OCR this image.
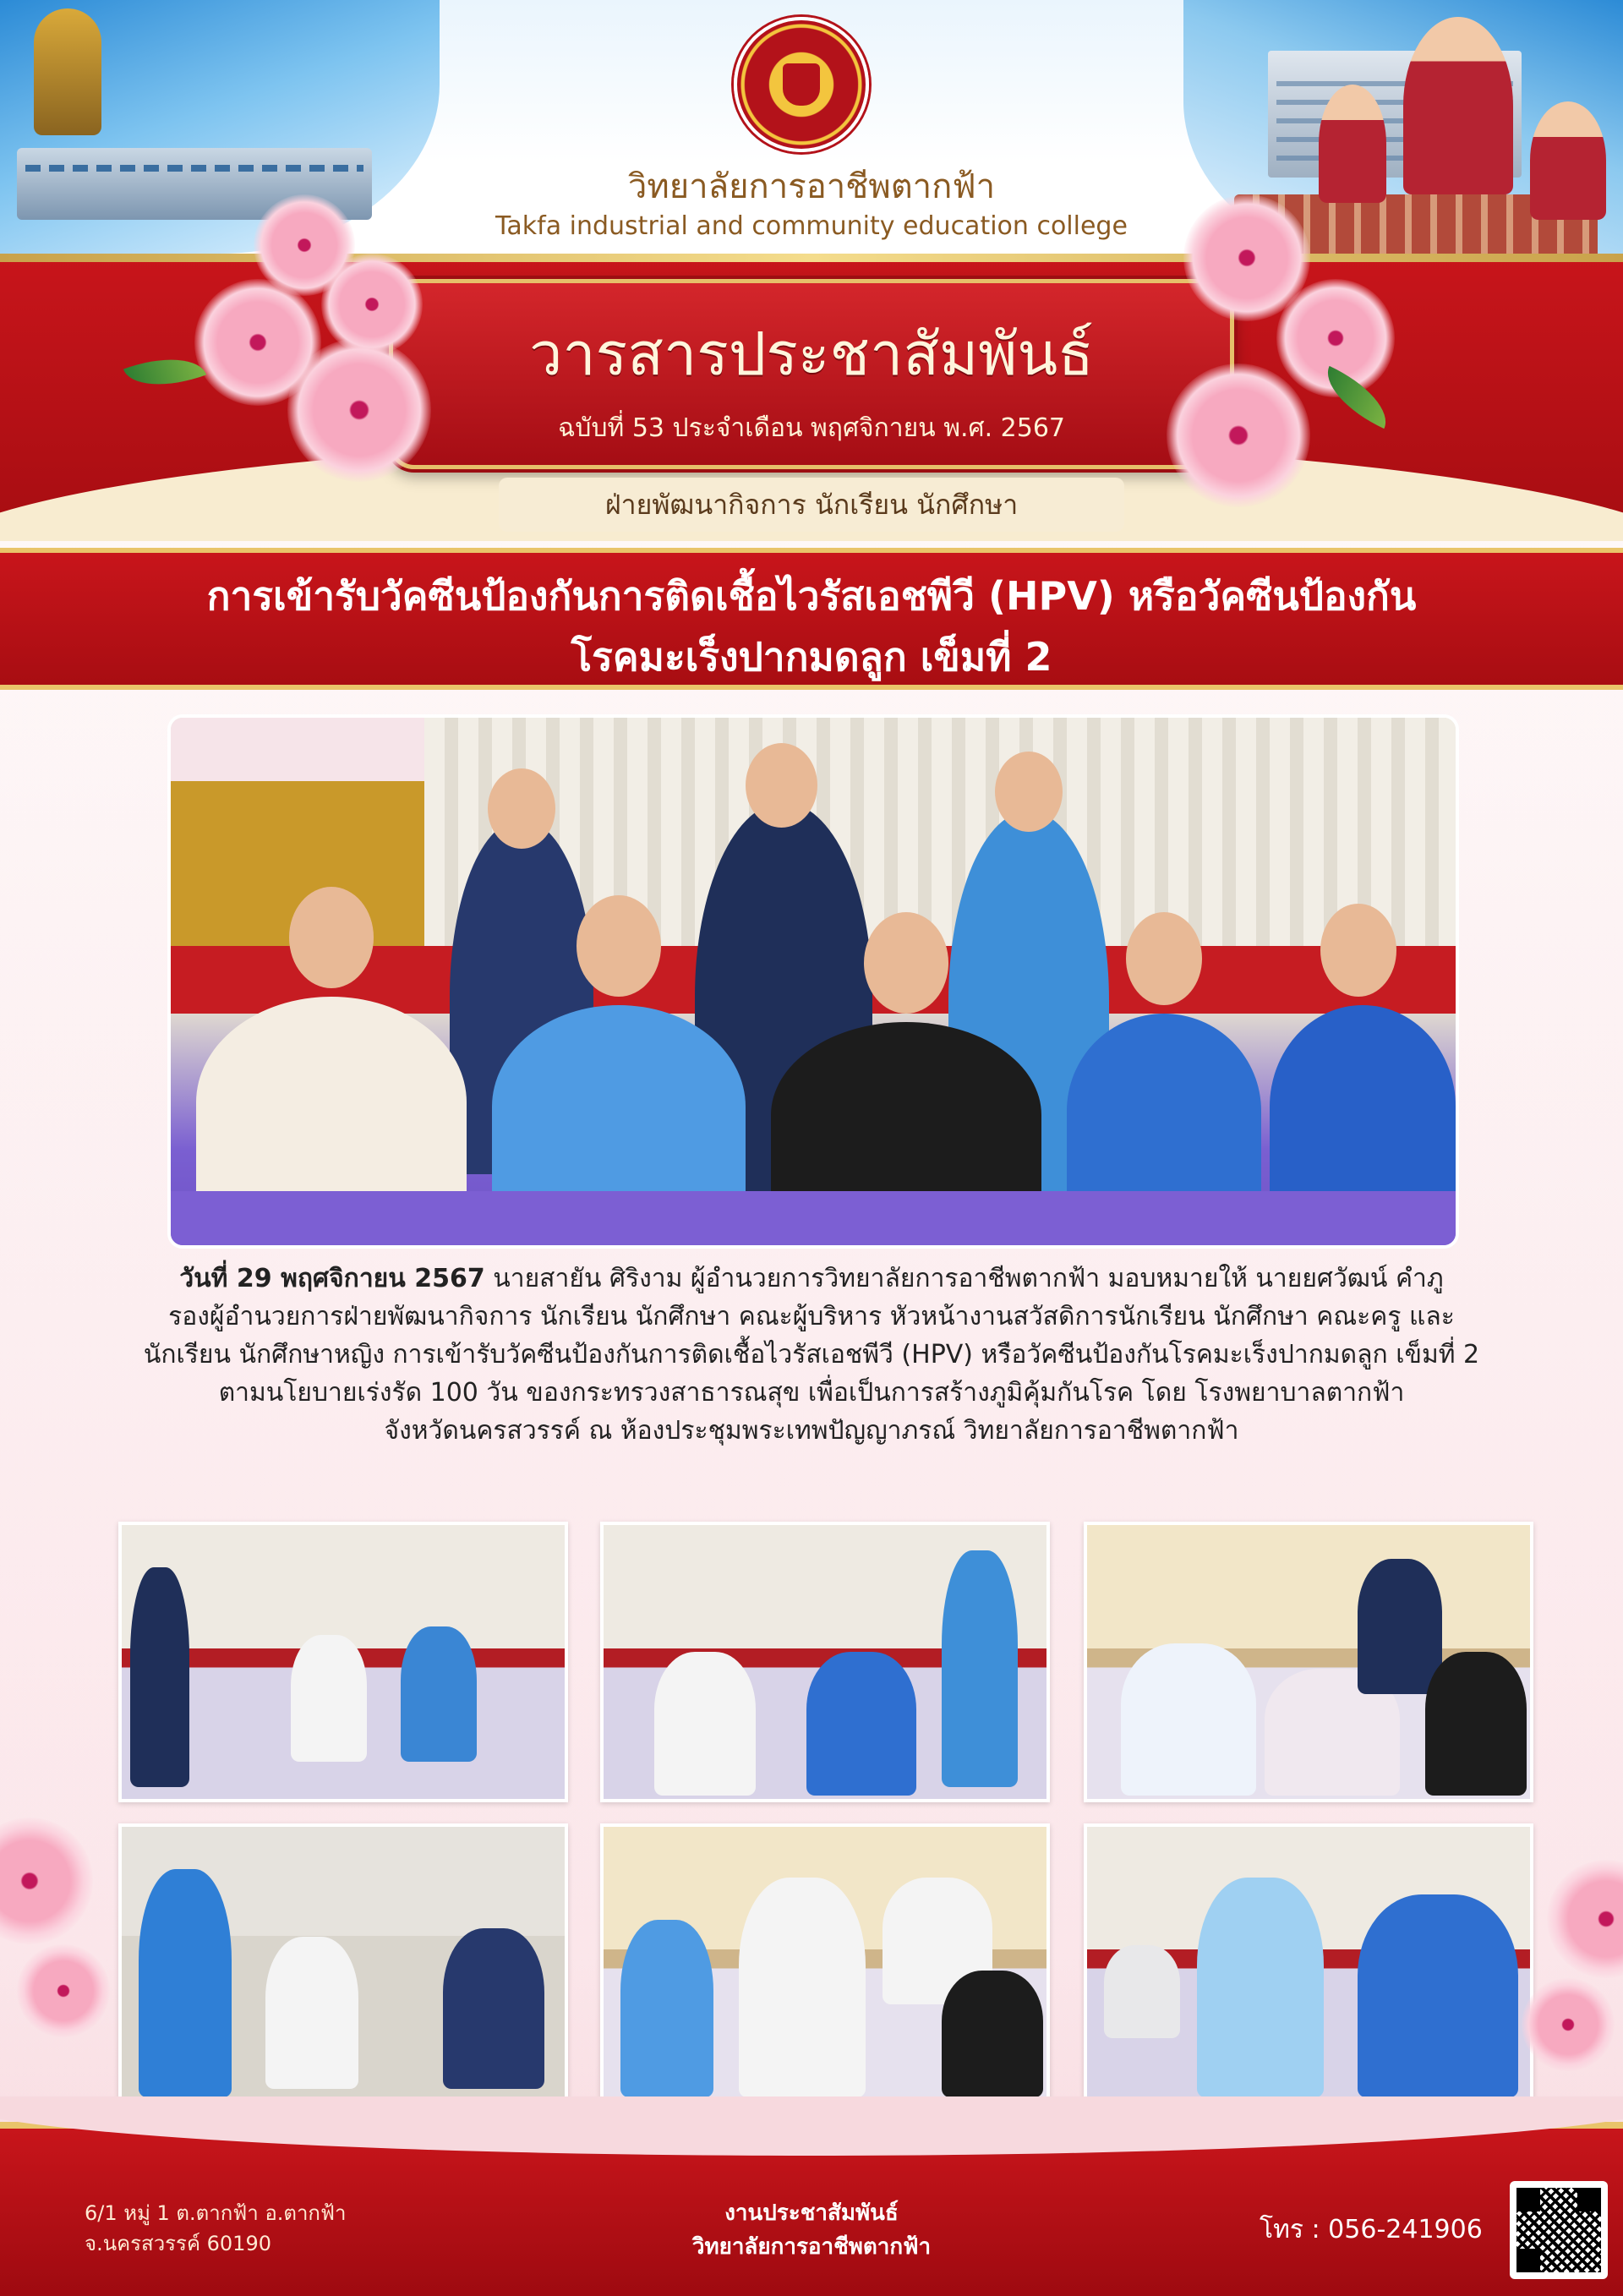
วิทยาลัยการอาชีพตากฟ้า
Takfa industrial and community education college
วารสารประชาสัมพันธ์
ฉบับที่ 53 ประจำเดือน พฤศจิกายน พ.ศ. 2567
ฝ่ายพัฒนากิจการ นักเรียน นักศึกษา
การเข้ารับวัคซีนป้องกันการติดเชื้อไวรัสเอชพีวี (HPV) หรือวัคซีนป้องกัน
โรคมะเร็งปากมดลูก เข็มที่ 2
วันที่ 29 พฤศจิกายน 2567 นายสายัน ศิริงาม ผู้อำนวยการวิทยาลัยการอาชีพตากฟ้า มอบหมายให้ นายยศวัฒน์ คำภู
รองผู้อำนวยการฝ่ายพัฒนากิจการ นักเรียน นักศึกษา คณะผู้บริหาร หัวหน้างานสวัสดิการนักเรียน นักศึกษา คณะครู และ
นักเรียน นักศึกษาหญิง การเข้ารับวัคซีนป้องกันการติดเชื้อไวรัสเอชพีวี (HPV) หรือวัคซีนป้องกันโรคมะเร็งปากมดลูก เข็มที่ 2
ตามนโยบายเร่งรัด 100 วัน ของกระทรวงสาธารณสุข เพื่อเป็นการสร้างภูมิคุ้มกันโรค โดย โรงพยาบาลตากฟ้า
จังหวัดนครสวรรค์ ณ ห้องประชุมพระเทพปัญญาภรณ์ วิทยาลัยการอาชีพตากฟ้า
6/1 หมู่ 1 ต.ตากฟ้า อ.ตากฟ้า
จ.นครสวรรค์ 60190
งานประชาสัมพันธ์
วิทยาลัยการอาชีพตากฟ้า
โทร : 056-241906
